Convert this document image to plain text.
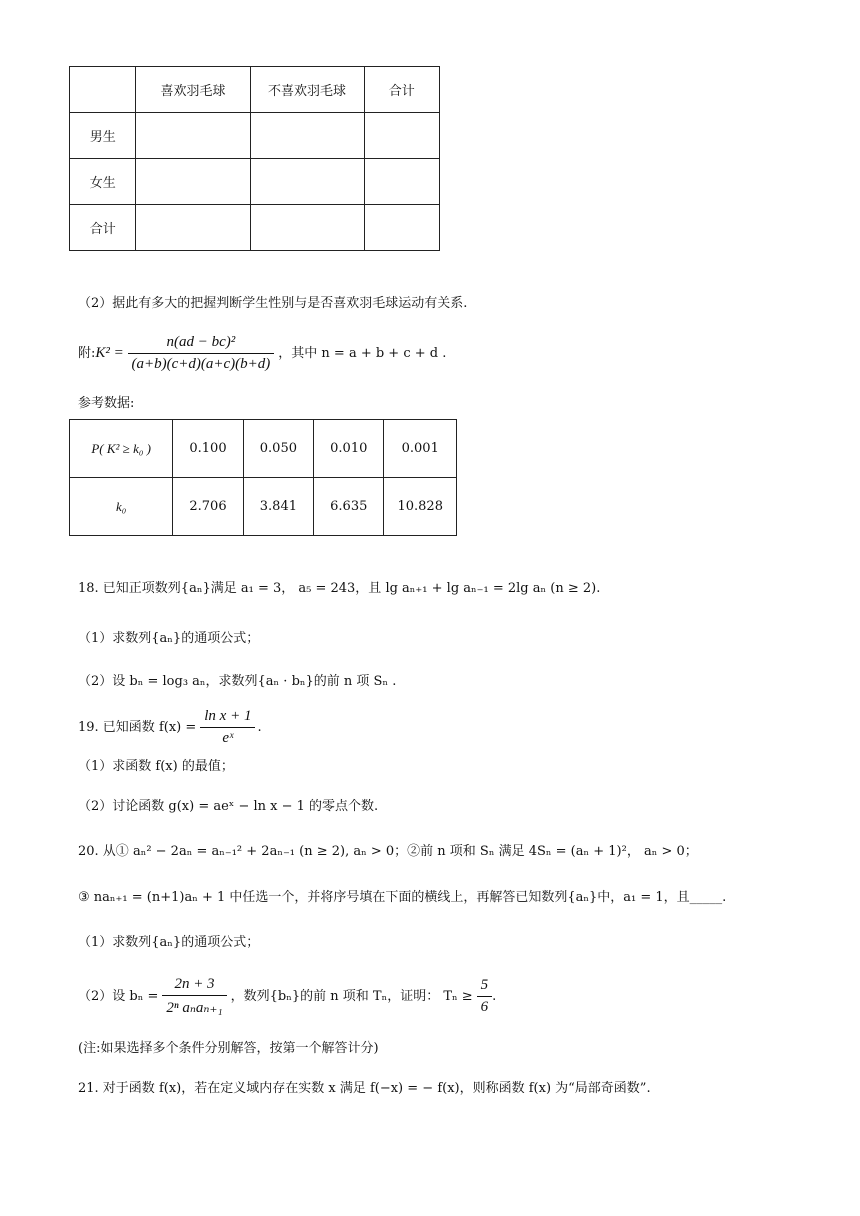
	喜欢羽毛球	不喜欢羽毛球	合计
男生			
女生			
合计			
（2）据此有多大的把握判断学生性别与是否喜欢羽毛球运动有关系.
附: $K^2 = \frac{\text{n(ad − bc)²}}{(a+b)(c+d)(a+c)(b+d)}$ ，其中 n = a + b + c + d .
参考数据:
P( K² ≥ k₀ )	0.100	0.050	0.010	0.001
k₀	2.706	3.841	6.635	10.828
18. 已知正项数列{aₙ}满足 a₁ = 3， a₅ = 243，且 lg aₙ₊₁ + lg aₙ₋₁ = 2lg aₙ (n ≥ 2).
（1）求数列{aₙ}的通项公式；
（2）设 bₙ = log₃ aₙ，求数列{aₙ · bₙ}的前 n 项 Sₙ .
19. 已知函数 $f(x) = \frac{\text{ln x + 1}}{\text{eˣ}}$ .
（1）求函数 f(x) 的最值；
（2）讨论函数 g(x) = aeˣ − ln x − 1 的零点个数.
20. 从① aₙ² − 2aₙ = aₙ₋₁² + 2aₙ₋₁ (n ≥ 2), aₙ > 0；②前 n 项和 Sₙ 满足 4Sₙ = (aₙ + 1)²， aₙ > 0；
③ naₙ₊₁ = (n+1)aₙ + 1 中任选一个，并将序号填在下面的横线上，再解答已知数列{aₙ}中，a₁ = 1，且_____.
（1）求数列{aₙ}的通项公式；
（2）设 $b_n = \frac{2n + 3}{\text{2ⁿ aₙaₙ₊₁}}$ ，数列{bₙ}的前 n 项和 Tₙ，证明： $T_n \ge \frac{5}{6}$ .
(注:如果选择多个条件分别解答，按第一个解答计分)
21. 对于函数 f(x)，若在定义域内存在实数 x 满足 f(−x) = − f(x)，则称函数 f(x) 为“局部奇函数”.
